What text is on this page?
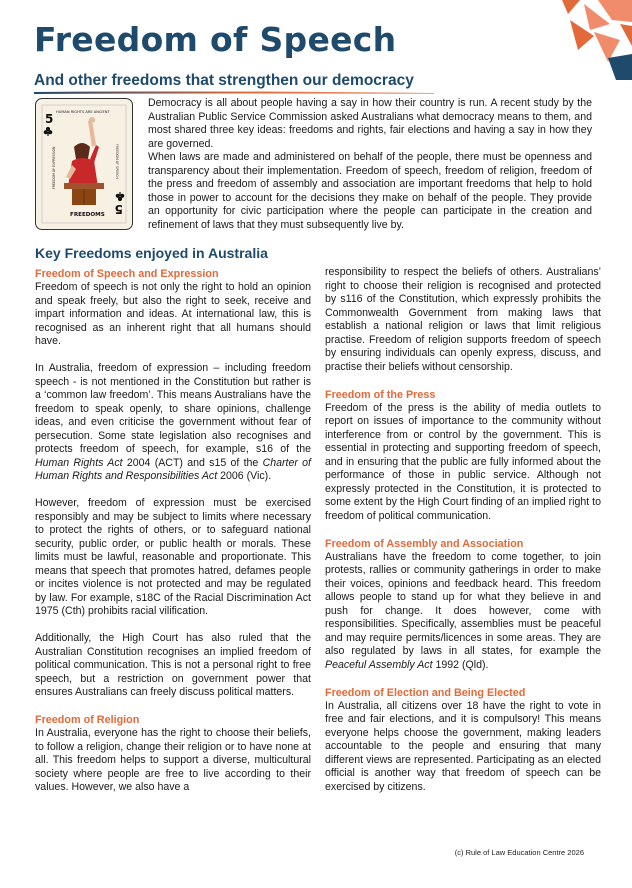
Freedom of Speech
And other freedoms that strengthen our democracy
HUMAN RIGHTS ARE ANCIENT
5
FREEDOM OF EXPRESSION	FREEDOM OF SPEECH
FREEDOMS 5

Democracy is all about people having a say in how their country is run. A recent study by the Australian Public Service Commission asked Australians what democracy means to them, and most shared three key ideas: freedoms and rights, fair elections and having a say in how they are governed.

When laws are made and administered on behalf of the people, there must be openness and transparency about their implementation. Freedom of speech, freedom of religion, freedom of the press and freedom of assembly and association are important freedoms that help to hold those in power to account for the decisions they make on behalf of the people. They provide an opportunity for civic participation where the people can participate in the creation and refinement of laws that they must subsequently live by.

Key Freedoms enjoyed in Australia
Freedom of Speech and Expression

Freedom of speech is not only the right to hold an opinion and speak freely, but also the right to seek, receive and impart information and ideas. At international law, this is recognised as an inherent right that all humans should have.

In Australia, freedom of expression – including freedom speech - is not mentioned in the Constitution but rather is a ‘common law freedom’. This means Australians have the freedom to speak openly, to share opinions, challenge ideas, and even criticise the government without fear of persecution. Some state legislation also recognises and protects freedom of speech, for example, s16 of the Human Rights Act 2004 (ACT) and s15 of the Charter of Human Rights and Responsibilities Act 2006 (Vic).

However, freedom of expression must be exercised responsibly and may be subject to limits where necessary to protect the rights of others, or to safeguard national security, public order, or public health or morals. These limits must be lawful, reasonable and proportionate. This means that speech that promotes hatred, defames people or incites violence is not protected and may be regulated by law. For example, s18C of the Racial Discrimination Act 1975 (Cth) prohibits racial vilification.

Additionally, the High Court has also ruled that the Australian Constitution recognises an implied freedom of political communication. This is not a personal right to free speech, but a restriction on government power that ensures Australians can freely discuss political matters.

Freedom of Religion

In Australia, everyone has the right to choose their beliefs, to follow a religion, change their religion or to have none at all. This freedom helps to support a diverse, multicultural society where people are free to live according to their values. However, we also have a

responsibility to respect the beliefs of others. Australians’ right to choose their religion is recognised and protected by s116 of the Constitution, which expressly prohibits the Commonwealth Government from making laws that establish a national religion or laws that limit religious practise. Freedom of religion supports freedom of speech by ensuring individuals can openly express, discuss, and practise their beliefs without censorship.

Freedom of the Press

Freedom of the press is the ability of media outlets to report on issues of importance to the community without interference from or control by the government. This is essential in protecting and supporting freedom of speech, and in ensuring that the public are fully informed about the performance of those in public service. Although not expressly protected in the Constitution, it is protected to some extent by the High Court finding of an implied right to freedom of political communication.

Freedom of Assembly and Association

Australians have the freedom to come together, to join protests, rallies or community gatherings in order to make their voices, opinions and feedback heard. This freedom allows people to stand up for what they believe in and push for change. It does however, come with responsibilities. Specifically, assemblies must be peaceful and may require permits/licences in some areas. They are also regulated by laws in all states, for example the Peaceful Assembly Act 1992 (Qld).

Freedom of Election and Being Elected

In Australia, all citizens over 18 have the right to vote in free and fair elections, and it is compulsory! This means everyone helps choose the government, making leaders accountable to the people and ensuring that many different views are represented. Participating as an elected official is another way that freedom of speech can be exercised by citizens.

(c) Rule of Law Education Centre 2026
